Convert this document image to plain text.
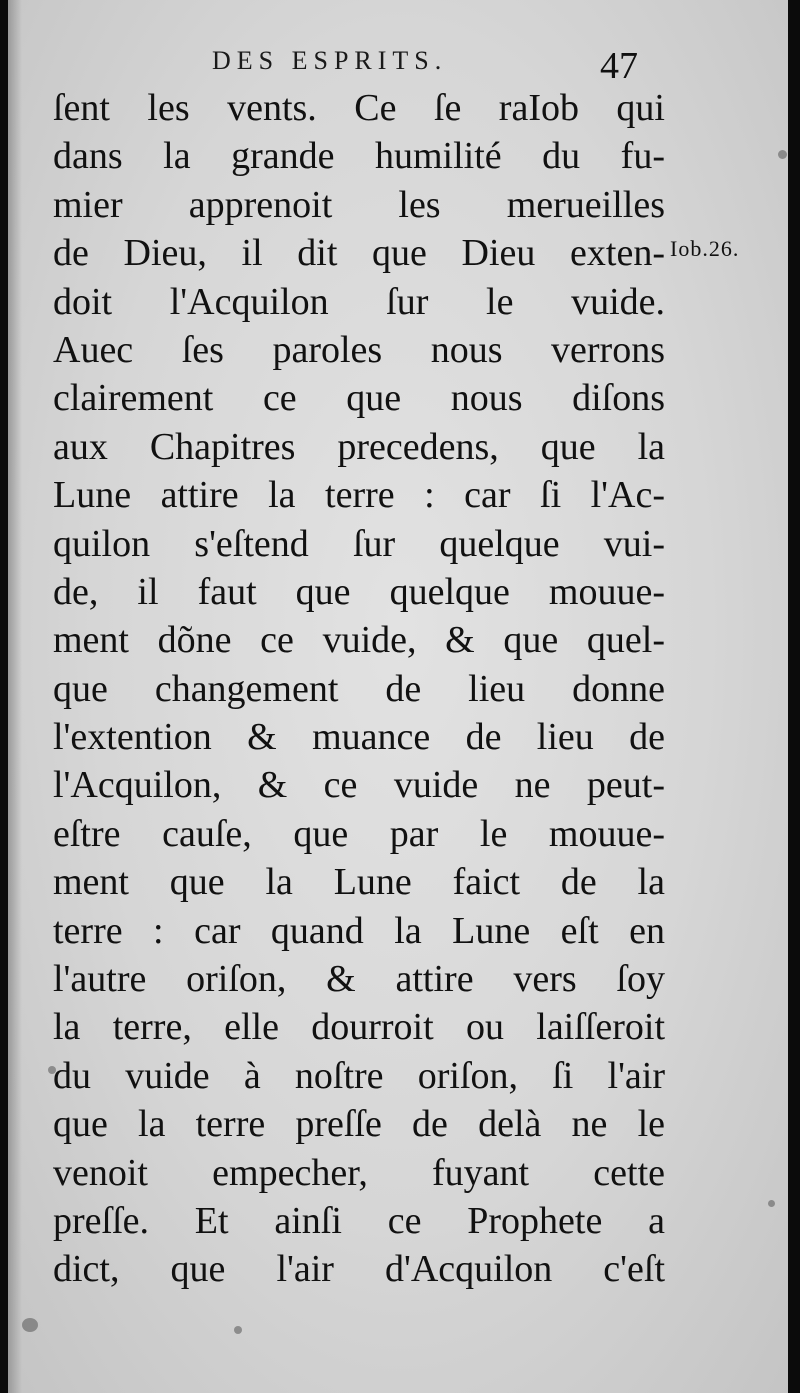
DES ESPRITS.	47
Iob.26.
ſent les vents. Ce ſe raIob qui
dans la grande humilité du fu-
mier apprenoit les merueilles
de Dieu, il dit que Dieu exten-
doit l'Acquilon ſur le vuide.
Auec ſes paroles nous verrons
clairement ce que nous diſons
aux Chapitres precedens, que la
Lune attire la terre : car ſi l'Ac-
quilon s'eſtend ſur quelque vui-
de, il faut que quelque mouue-
ment dõne ce vuide, & que quel-
que changement de lieu donne
l'extention & muance de lieu de
l'Acquilon, & ce vuide ne peut-
eſtre cauſe, que par le mouue-
ment que la Lune faict de la
terre : car quand la Lune eſt en
l'autre oriſon, & attire vers ſoy
la terre, elle dourroit ou laiſſeroit
du vuide à noſtre oriſon, ſi l'air
que la terre preſſe de delà ne le
venoit empecher, fuyant cette
preſſe. Et ainſi ce Prophete a
dict, que l'air d'Acquilon c'eſt
